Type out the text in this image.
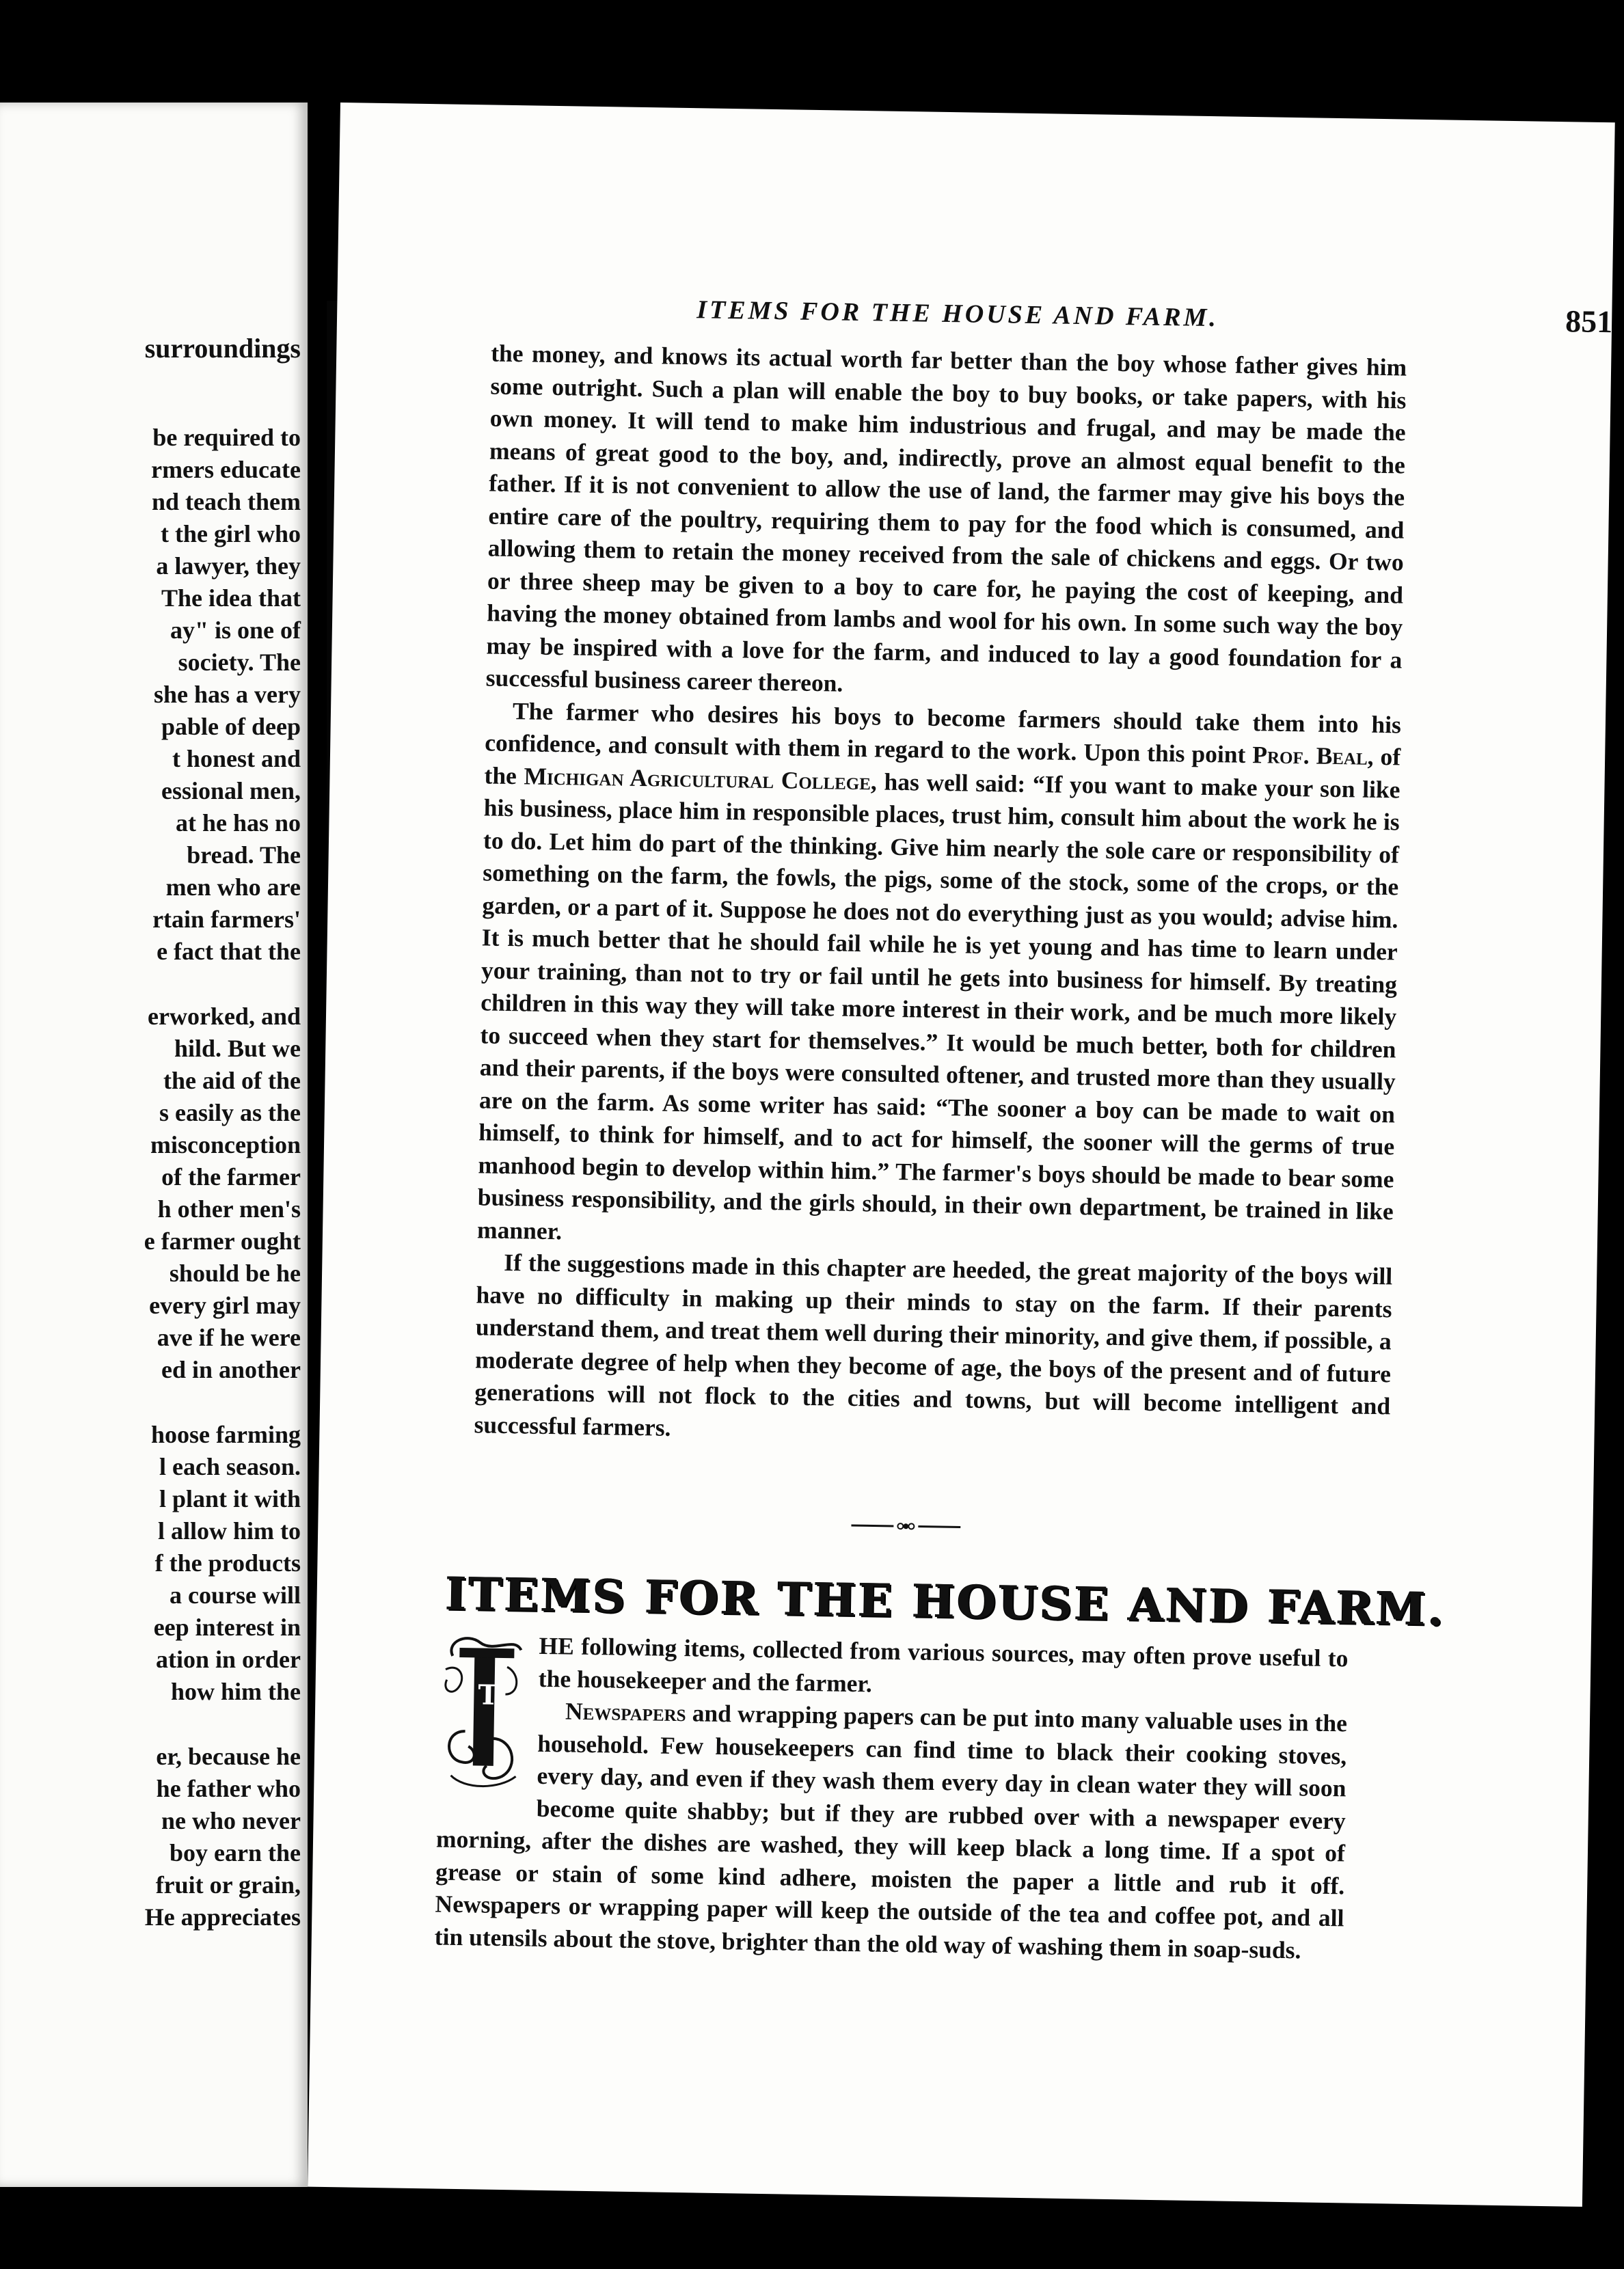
surroundings
be required to
rmers educate
nd teach them
t the girl who
a lawyer, they
The idea that
ay" is one of
society. The
she has a very
pable of deep
t honest and
essional men,
at he has no
bread. The
men who are
rtain farmers'
e fact that the
erworked, and
hild. But we
the aid of the
s easily as the
misconception
of the farmer
h other men's
e farmer ought
should be he
every girl may
ave if he were
ed in another
hoose farming
l each season.
l plant it with
l allow him to
f the products
a course will
eep interest in
ation in order
how him the
er, because he
he father who
ne who never
boy earn the
fruit or grain,
He appreciates
ITEMS FOR THE HOUSE AND FARM.	851

the money, and knows its actual worth far better than the boy whose father gives him some outright. Such a plan will enable the boy to buy books, or take papers, with his own money. It will tend to make him industrious and frugal, and may be made the means of great good to the boy, and, indirectly, prove an almost equal benefit to the father. If it is not convenient to allow the use of land, the farmer may give his boys the entire care of the poultry, requiring them to pay for the food which is consumed, and allowing them to retain the money received from the sale of chickens and eggs. Or two or three sheep may be given to a boy to care for, he paying the cost of keeping, and having the money obtained from lambs and wool for his own. In some such way the boy may be inspired with a love for the farm, and induced to lay a good foundation for a successful business career thereon.

The farmer who desires his boys to become farmers should take them into his confidence, and consult with them in regard to the work. Upon this point Prof. Beal, of the Michigan Agricultural College, has well said: “If you want to make your son like his business, place him in responsible places, trust him, consult him about the work he is to do. Let him do part of the thinking. Give him nearly the sole care or responsibility of something on the farm, the fowls, the pigs, some of the stock, some of the crops, or the garden, or a part of it. Suppose he does not do everything just as you would; advise him. It is much better that he should fail while he is yet young and has time to learn under your training, than not to try or fail until he gets into business for himself. By treating children in this way they will take more interest in their work, and be much more likely to succeed when they start for themselves.” It would be much better, both for children and their parents, if the boys were consulted oftener, and trusted more than they usually are on the farm. As some writer has said: “The sooner a boy can be made to wait on himself, to think for himself, and to act for himself, the sooner will the germs of true manhood begin to develop within him.” The farmer's boys should be made to bear some business responsibility, and the girls should, in their own department, be trained in like manner.

If the suggestions made in this chapter are heeded, the great majority of the boys will have no difficulty in making up their minds to stay on the farm. If their parents understand them, and treat them well during their minority, and give them, if possible, a moderate degree of help when they become of age, the boys of the present and of future generations will not flock to the cities and towns, but will become intelligent and successful farmers.

ITEMS FOR THE HOUSE AND FARM.
T

HE following items, collected from various sources, may often prove useful to the housekeeper and the farmer.

Newspapers and wrapping papers can be put into many valuable uses in the household. Few housekeepers can find time to black their cooking stoves, every day, and even if they wash them every day in clean water they will soon become quite shabby; but if they are rubbed over with a newspaper every morning, after the dishes are washed, they will keep black a long time. If a spot of grease or stain of some kind adhere, moisten the paper a little and rub it off. Newspapers or wrapping paper will keep the outside of the tea and coffee pot, and all tin utensils about the stove, brighter than the old way of washing them in soap-suds.
